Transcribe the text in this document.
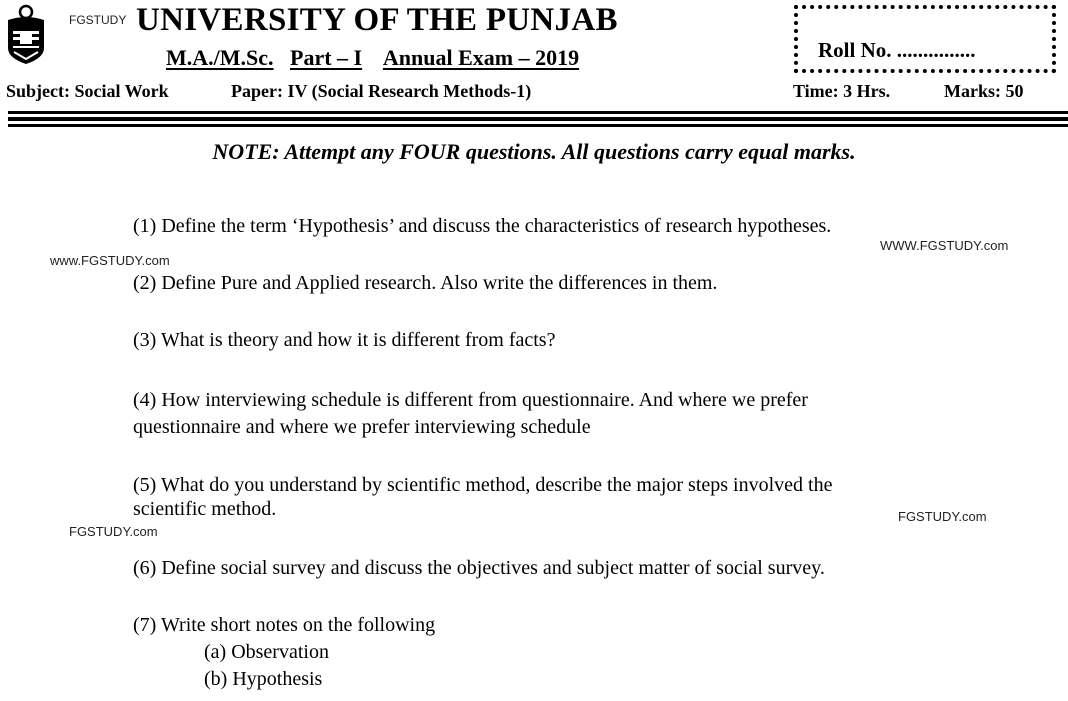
FGSTUDY UNIVERSITY OF THE PUNJAB
M.A./M.Sc. Part – I Annual Exam – 2019	Roll No. ...............
Subject: Social Work	Paper: IV (Social Research Methods-1)	Time: 3 Hrs.	Marks: 50
NOTE: Attempt any FOUR questions. All questions carry equal marks.
(1) Define the term ‘Hypothesis’ and discuss the characteristics of research hypotheses.
WWW.FGSTUDY.com
www.FGSTUDY.com
(2) Define Pure and Applied research. Also write the differences in them.
(3) What is theory and how it is different from facts?
(4) How interviewing schedule is different from questionnaire. And where we prefer
questionnaire and where we prefer interviewing schedule
(5) What do you understand by scientific method, describe the major steps involved the
scientific method.	FGSTUDY.com
FGSTUDY.com
(6) Define social survey and discuss the objectives and subject matter of social survey.
(7) Write short notes on the following
(a) Observation
(b) Hypothesis
